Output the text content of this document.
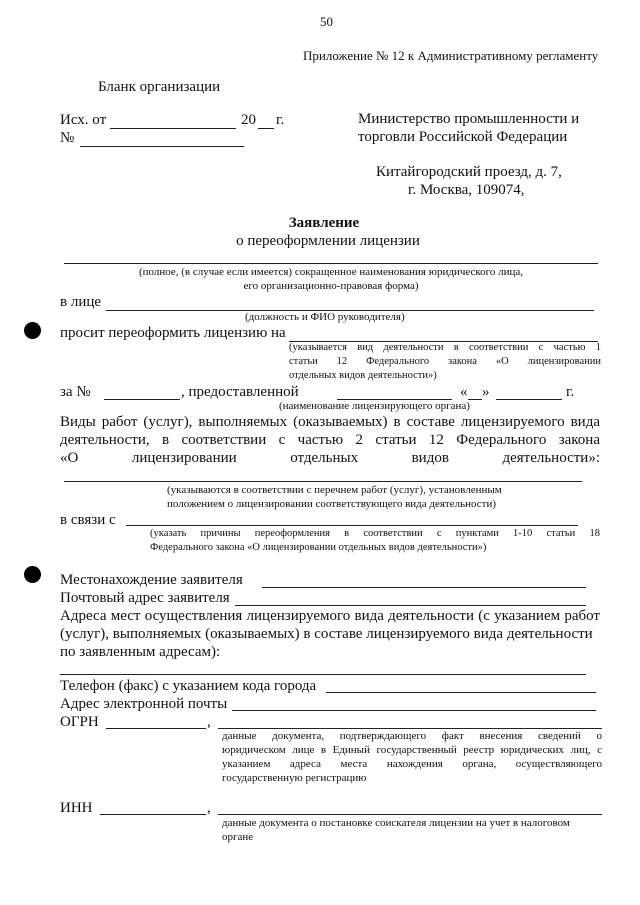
50
Приложение № 12 к Административному регламенту
Бланк организации
Исх. от	20 г.
№
Министерство промышленности и
торговли Российской Федерации
Китайгородский проезд, д. 7,
г. Москва, 109074,
Заявление
о переоформлении лицензии
(полное, (в случае если имеется) сокращенное наименования юридического лица,
его организационно-правовая форма)
в лице
(должность и ФИО руководителя)
просит переоформить лицензию на
(указывается вид деятельности в соответствии с частью 1
статьи 12 Федерального закона «О лицензировании
отдельных видов деятельности»)
за №	, предоставленной	« »	г.
(наименование лицензирующего органа)
Виды работ (услуг), выполняемых (оказываемых) в составе лицензируемого вида
деятельности, в соответствии с частью 2 статьи 12 Федерального закона
«О лицензировании отдельных видов деятельности»:
(указываются в соответствии с перечнем работ (услуг), установленным
положением о лицензировании соответствующего вида деятельности)
в связи с
(указать причины переоформления в соответствии с пунктами 1-10 статьи 18
Федерального закона «О лицензировании отдельных видов деятельности»)
Местонахождение заявителя
Почтовый адрес заявителя
Адреса мест осуществления лицензируемого вида деятельности (с указанием работ
(услуг), выполняемых (оказываемых) в составе лицензируемого вида деятельности
по заявленным адресам):
Телефон (факс) с указанием кода города
Адрес электронной почты
ОГРН	,
данные документа, подтверждающего факт внесения сведений о
юридическом лице в Единый государственный реестр юридических лиц, с
указанием адреса места нахождения органа, осуществляющего
государственную регистрацию
ИНН	,
данные документа о постановке соискателя лицензии на учет в налоговом
органе
